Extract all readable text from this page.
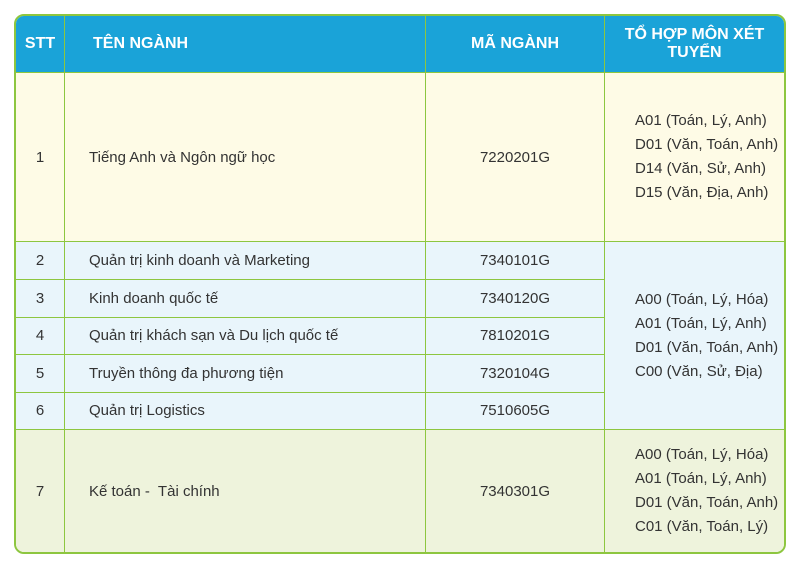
STT	TÊN NGÀNH	MÃ NGÀNH	TỔ HỢP MÔN XÉT TUYỂN
1	Tiếng Anh và Ngôn ngữ học	7220201G	A01 (Toán, Lý, Anh)
D01 (Văn, Toán, Anh)
D14 (Văn, Sử, Anh)
D15 (Văn, Địa, Anh)

2	Quản trị kinh doanh và Marketing	7340101G	A00 (Toán, Lý, Hóa)
A01 (Toán, Lý, Anh)
D01 (Văn, Toán, Anh)
C00 (Văn, Sử, Địa)

3	Kinh doanh quốc tế	7340120G	
4	Quản trị khách sạn và Du lịch quốc tế	7810201G	
5	Truyền thông đa phương tiện	7320104G	
6	Quản trị Logistics	7510605G	
7	Kế toán -  Tài chính	7340301G	A00 (Toán, Lý, Hóa)
A01 (Toán, Lý, Anh)
D01 (Văn, Toán, Anh)
C01 (Văn, Toán, Lý)
